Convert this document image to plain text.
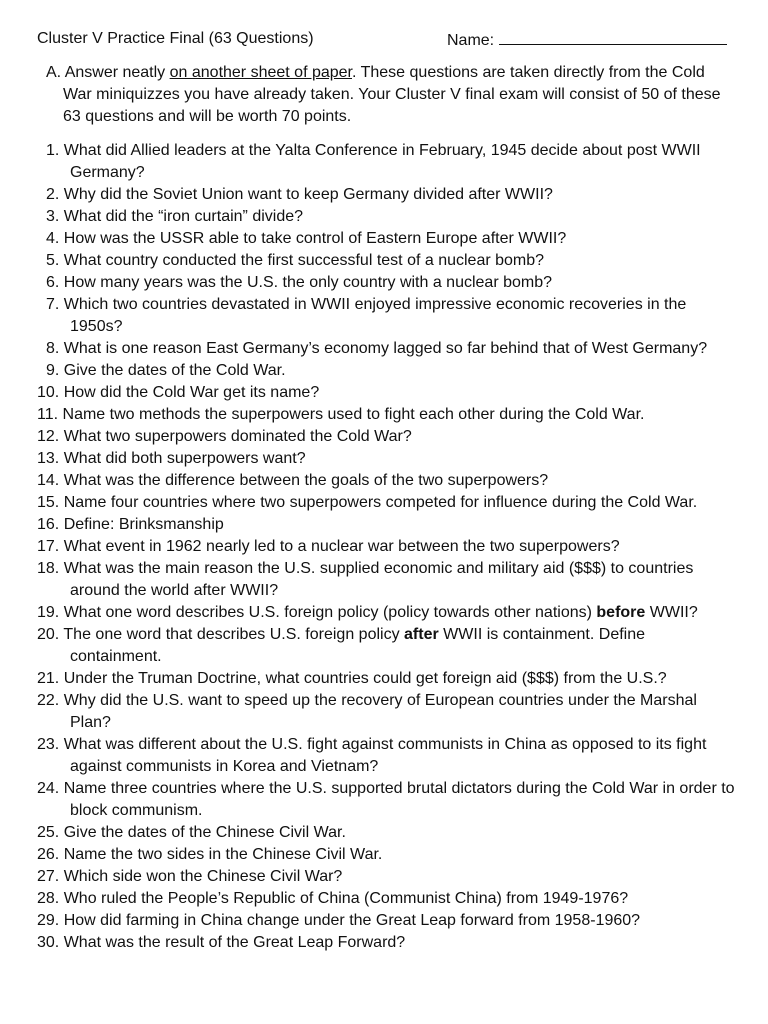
Cluster V Practice Final (63 Questions)	Name:
A. Answer neatly on another sheet of paper. These questions are taken directly from the Cold War miniquizzes you have already taken. Your Cluster V final exam will consist of 50 of these 63 questions and will be worth 70 points.
1. What did Allied leaders at the Yalta Conference in February, 1945 decide about post WWII Germany?
2. Why did the Soviet Union want to keep Germany divided after WWII?
3. What did the “iron curtain” divide?
4. How was the USSR able to take control of Eastern Europe after WWII?
5. What country conducted the first successful test of a nuclear bomb?
6. How many years was the U.S. the only country with a nuclear bomb?
7. Which two countries devastated in WWII enjoyed impressive economic recoveries in the 1950s?
8. What is one reason East Germany’s economy lagged so far behind that of West Germany?
9. Give the dates of the Cold War.
10. How did the Cold War get its name?
11. Name two methods the superpowers used to fight each other during the Cold War.
12. What two superpowers dominated the Cold War?
13. What did both superpowers want?
14. What was the difference between the goals of the two superpowers?
15. Name four countries where two superpowers competed for influence during the Cold War.
16. Define: Brinksmanship
17. What event in 1962 nearly led to a nuclear war between the two superpowers?
18. What was the main reason the U.S. supplied economic and military aid ($$$) to countries around the world after WWII?
19. What one word describes U.S. foreign policy (policy towards other nations) before WWII?
20. The one word that describes U.S. foreign policy after WWII is containment. Define containment.
21. Under the Truman Doctrine, what countries could get foreign aid ($$$) from the U.S.?
22. Why did the U.S. want to speed up the recovery of European countries under the Marshal Plan?
23. What was different about the U.S. fight against communists in China as opposed to its fight against communists in Korea and Vietnam?
24. Name three countries where the U.S. supported brutal dictators during the Cold War in order to block communism.
25. Give the dates of the Chinese Civil War.
26. Name the two sides in the Chinese Civil War.
27. Which side won the Chinese Civil War?
28. Who ruled the People’s Republic of China (Communist China) from 1949-1976?
29. How did farming in China change under the Great Leap forward from 1958-1960?
30. What was the result of the Great Leap Forward?
